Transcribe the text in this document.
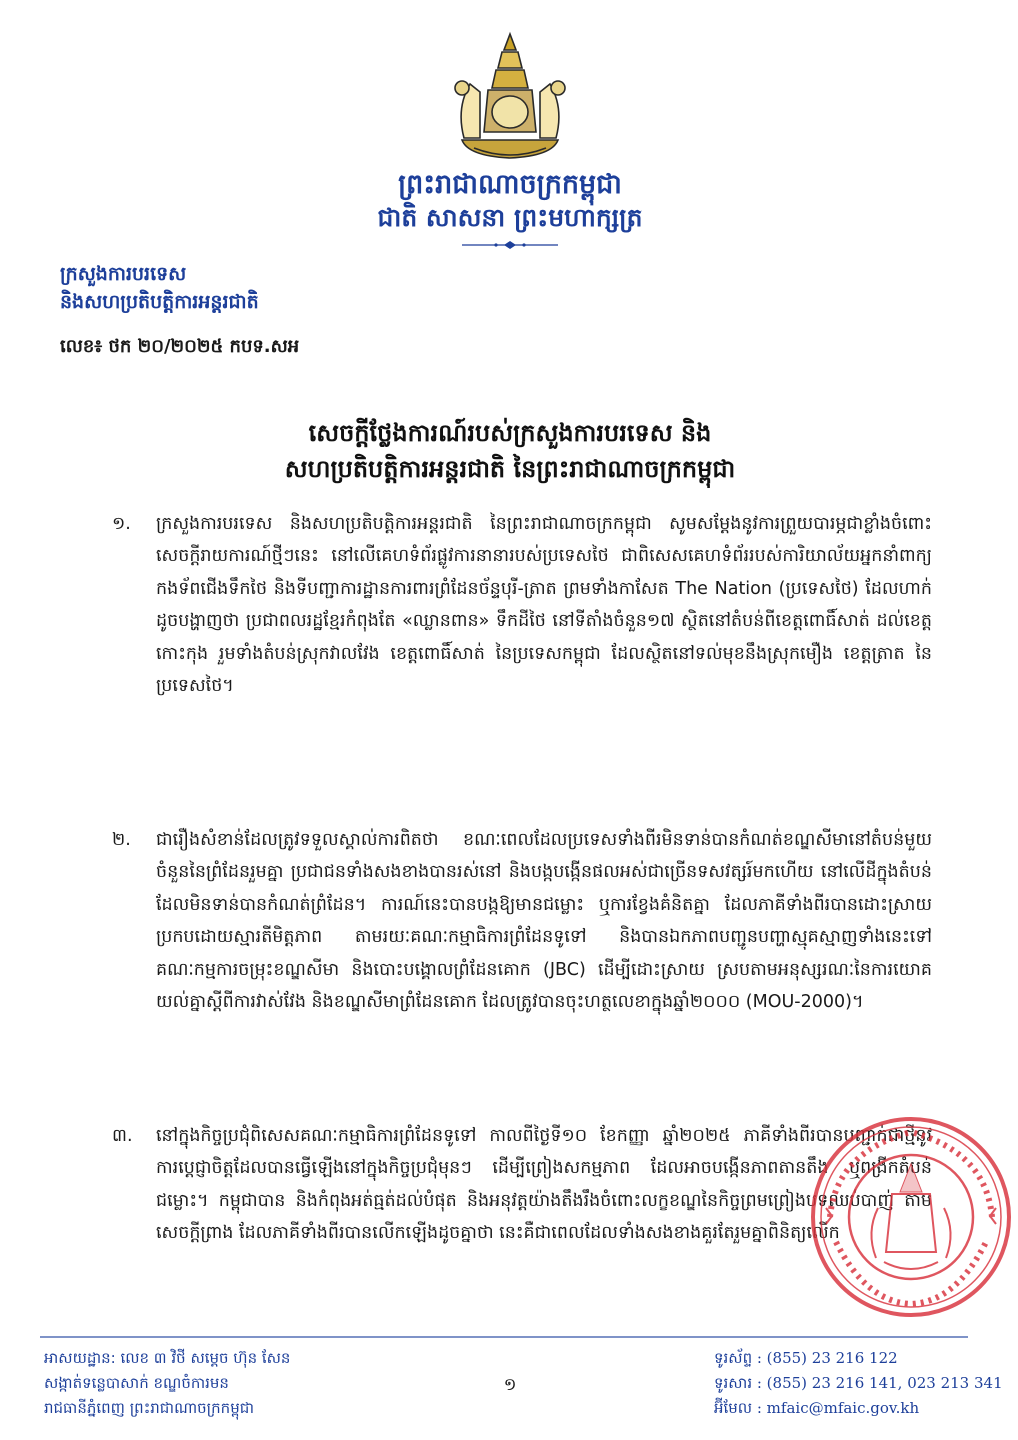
ព្រះរាជាណាចក្រកម្ពុជា
ជាតិ សាសនា ព្រះមហាក្សត្រ
ក្រសួងការបរទេស
និងសហប្រតិបត្តិការអន្តរជាតិ
លេខ៖ ថក ២០/២០២៥ កបទ.សអ
សេចក្តីថ្លែងការណ៍របស់ក្រសួងការបរទេស និង
សហប្រតិបត្តិការអន្តរជាតិ នៃព្រះរាជាណាចក្រកម្ពុជា
១.	ក្រសួងការបរទេស និងសហប្រតិបត្តិការអន្តរជាតិ នៃព្រះរាជាណាចក្រកម្ពុជា សូមសម្តែងនូវការព្រួយបារម្ភជាខ្លាំងចំពោះសេចក្តីរាយការណ៍ថ្មីៗនេះ នៅលើគេហទំព័រផ្លូវការនានារបស់ប្រទេសថៃ ជាពិសេសគេហទំព័ររបស់ការិយាល័យអ្នកនាំពាក្យកងទ័ពជើងទឹកថៃ និងទីបញ្ជាការដ្ឋានការពារព្រំដែនច័ន្ទបុរី-ត្រាត ព្រមទាំងកាសែត The Nation (ប្រទេសថៃ) ដែលហាក់ដូចបង្ហាញថា ប្រជាពលរដ្ឋខ្មែរកំពុងតែ «ឈ្លានពាន» ទឹកដីថៃ នៅទីតាំងចំនួន១៧ ស្ថិតនៅតំបន់ពីខេត្តពោធិ៍សាត់ ដល់ខេត្តកោះកុង រួមទាំងតំបន់ស្រុកវាលវែង ខេត្តពោធិ៍សាត់ នៃប្រទេសកម្ពុជា ដែលស្ថិតនៅទល់មុខនឹងស្រុកមឿង ខេត្តត្រាត នៃប្រទេសថៃ។
២.	ជារឿងសំខាន់ដែលត្រូវទទួលស្គាល់ការពិតថា ខណៈពេលដែលប្រទេសទាំងពីរមិនទាន់បានកំណត់ខណ្ឌសីមានៅតំបន់មួយចំនួននៃព្រំដែនរួមគ្នា ប្រជាជនទាំងសងខាងបានរស់នៅ និងបង្កបង្កើនផលអស់ជាច្រើនទសវត្សរ៍មកហើយ នៅលើដីក្នុងតំបន់ដែលមិនទាន់បានកំណត់ព្រំដែន។ ការណ៍នេះបានបង្កឱ្យមានជម្លោះ ឬការខ្វែងគំនិតគ្នា ដែលភាគីទាំងពីរបានដោះស្រាយប្រកបដោយស្មារតីមិត្តភាព តាមរយៈគណៈកម្មាធិការព្រំដែនទូទៅ និងបានឯកភាពបញ្ជូនបញ្ហាស្មុគស្មាញទាំងនេះទៅគណៈកម្មការចម្រុះខណ្ឌសីមា និងបោះបង្គោលព្រំដែនគោក (JBC) ដើម្បីដោះស្រាយ ស្របតាមអនុស្សរណៈនៃការយោគយល់គ្នាស្តីពីការវាស់វែង និងខណ្ឌសីមាព្រំដែនគោក ដែលត្រូវបានចុះហត្ថលេខាក្នុងឆ្នាំ២០០០ (MOU-2000)។
៣.	នៅក្នុងកិច្ចប្រជុំពិសេសគណៈកម្មាធិការព្រំដែនទូទៅ កាលពីថ្ងៃទី១០ ខែកញ្ញា ឆ្នាំ២០២៥ ភាគីទាំងពីរបានបញ្ជាក់ជាថ្មីនូវការប្តេជ្ញាចិត្តដែលបានធ្វើឡើងនៅក្នុងកិច្ចប្រជុំមុនៗ ដើម្បីព្រៀងសកម្មភាព ដែលអាចបង្កើនភាពតានតឹង ឬពង្រីកតំបន់ជម្លោះ។ កម្ពុជាបាន និងកំពុងអត់ធ្មត់ដល់បំផុត និងអនុវត្តយ៉ាងតឹងរឹងចំពោះលក្ខខណ្ឌនៃកិច្ចព្រមព្រៀងបទឈប់បាញ់ តាមសេចក្តីព្រាង ដែលភាគីទាំងពីរបានលើកឡើងដូចគ្នាថា នេះគឺជាពេលដែលទាំងសងខាងគួរតែរួមគ្នាពិនិត្យលើក
អាសយដ្ឋាន: លេខ ៣ វិថី សម្តេច ហ៊ុន សែន
សង្កាត់ទន្លេបាសាក់ ខណ្ឌចំការមន
រាជធានីភ្នំពេញ ព្រះរាជាណាចក្រកម្ពុជា
១
ទូរស័ព្ទ : (855) 23 216 122
ទូរសារ : (855) 23 216 141, 023 213 341
អ៊ីមែល : mfaic@mfaic.gov.kh
